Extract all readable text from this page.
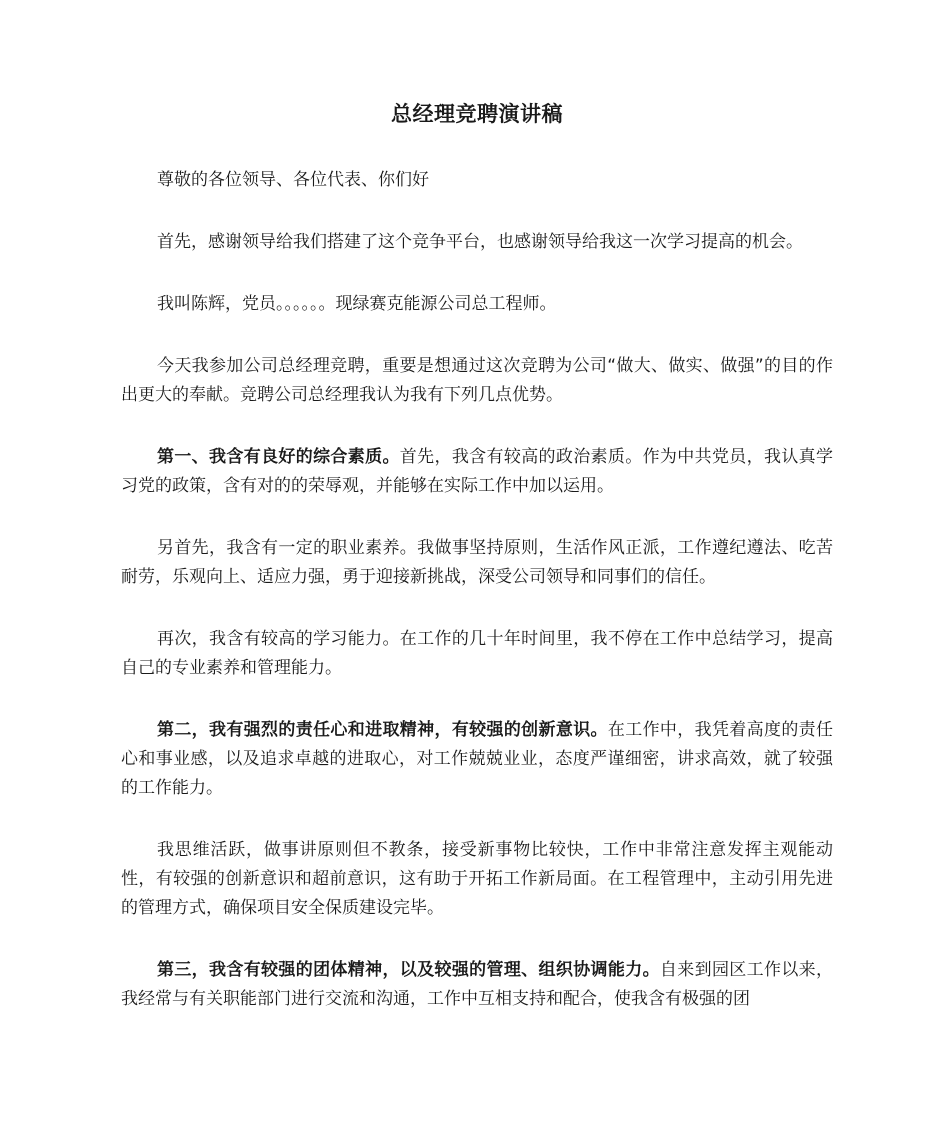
总经理竞聘演讲稿

尊敬的各位领导、各位代表、你们好

首先，感谢领导给我们搭建了这个竞争平台，也感谢领导给我这一次学习提高的机会。

我叫陈辉，党员。。。。。。现绿赛克能源公司总工程师。

今天我参加公司总经理竞聘，重要是想通过这次竞聘为公司“做大、做实、做强”的目的作出更大的奉献。竞聘公司总经理我认为我有下列几点优势。

第一、我含有良好的综合素质。首先，我含有较高的政治素质。作为中共党员，我认真学习党的政策，含有对的的荣辱观，并能够在实际工作中加以运用。

另首先，我含有一定的职业素养。我做事坚持原则，生活作风正派，工作遵纪遵法、吃苦耐劳，乐观向上、适应力强，勇于迎接新挑战，深受公司领导和同事们的信任。

再次，我含有较高的学习能力。在工作的几十年时间里，我不停在工作中总结学习，提高自己的专业素养和管理能力。

第二，我有强烈的责任心和进取精神，有较强的创新意识。在工作中，我凭着高度的责任心和事业感，以及追求卓越的进取心，对工作兢兢业业，态度严谨细密，讲求高效，就了较强的工作能力。

我思维活跃，做事讲原则但不教条，接受新事物比较快，工作中非常注意发挥主观能动性，有较强的创新意识和超前意识，这有助于开拓工作新局面。在工程管理中，主动引用先进的管理方式，确保项目安全保质建设完毕。

第三，我含有较强的团体精神，以及较强的管理、组织协调能力。自来到园区工作以来，我经常与有关职能部门进行交流和沟通，工作中互相支持和配合，使我含有极强的团
